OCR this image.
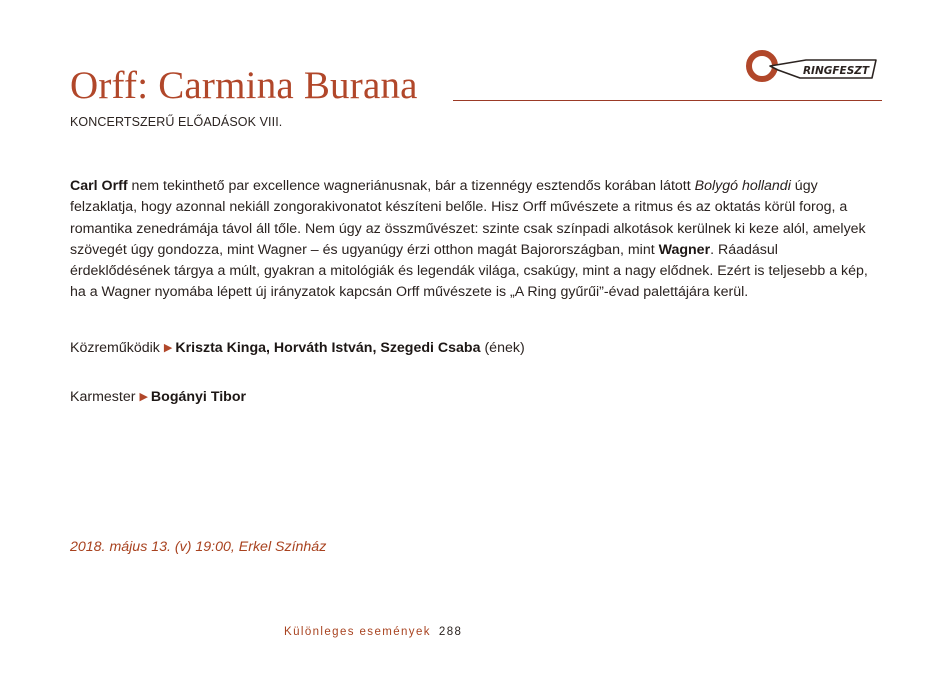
Orff: Carmina Burana	RINGFESZT
KONCERTSZERŰ ELŐADÁSOK VIII.

Carl Orff nem tekinthető par excellence wagneriánusnak, bár a tizennégy esztendős korában látott Bolygó hollandi úgy felzaklatja, hogy azonnal nekiáll zongorakivonatot készíteni belőle. Hisz Orff művészete a ritmus és az oktatás körül forog, a romantika zenedrámája távol áll tőle. Nem úgy az összművészet: szinte csak színpadi alkotások kerülnek ki keze alól, amelyek szövegét úgy gondozza, mint Wagner – és ugyanúgy érzi otthon magát Bajorországban, mint Wagner. Ráadásul érdeklődésének tárgya a múlt, gyakran a mitológiák és legendák világa, csakúgy, mint a nagy elődnek. Ezért is teljesebb a kép, ha a Wagner nyomába lépett új irányzatok kapcsán Orff művészete is „A Ring gyűrűi”-évad palettájára kerül.

Közreműködik ▶ Kriszta Kinga, Horváth István, Szegedi Csaba (ének)
Karmester ▶ Bogányi Tibor
2018. május 13. (v) 19:00, Erkel Színház
Különleges események 288
